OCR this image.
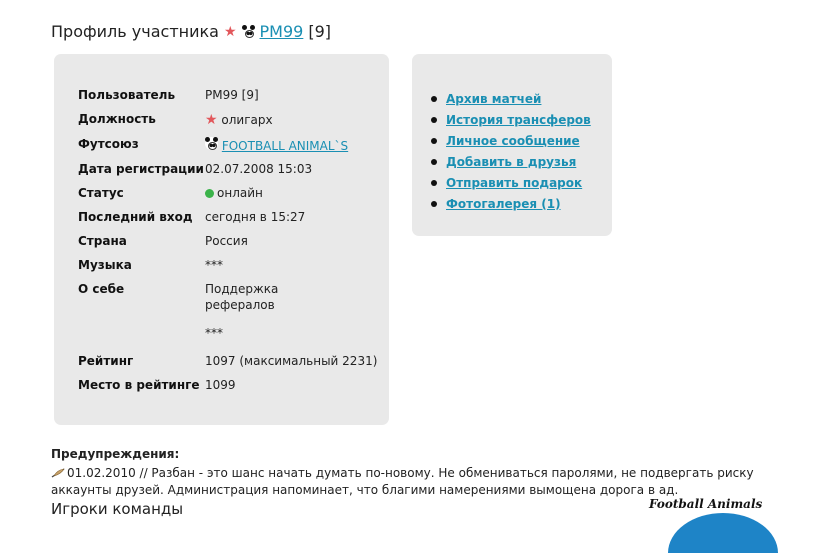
Профиль участника ★ PM99 [9]
Пользователь	PM99 [9]
Должность	★ олигарх
Футсоюз	FOOTBALL ANIMAL`S
Дата регистрации 02.07.2008 15:03
Статус	онлайн
Последний вход	сегодня в 15:27
Страна	Россия
Музыка	***
О себе	Поддержка
рефералов
***
Рейтинг	1097 (максимальный 2231)
Место в рейтинге 1099
Архив матчей
История трансферов
Личное сообщение
Добавить в друзья
Отправить подарок
Фотогалерея (1)
Предупреждения:
01.02.2010 // Разбан - это шанс начать думать по-новому. Не обмениваться паролями, не подвергать риску аккаунты друзей. Администрация напоминает, что благими намерениями вымощена дорога в ад.
Игроки команды	Football Animals
